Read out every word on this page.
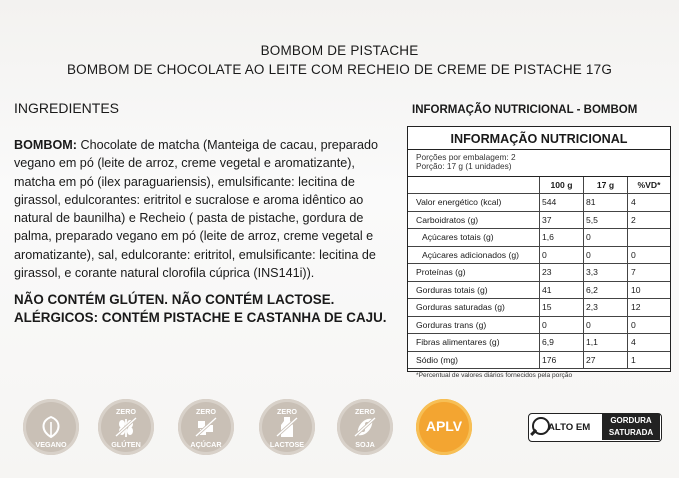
BOMBOM DE PISTACHE
BOMBOM DE CHOCOLATE AO LEITE COM RECHEIO DE CREME DE PISTACHE 17G
INGREDIENTES
BOMBOM: Chocolate de matcha (Manteiga de cacau, preparado vegano em pó (leite de arroz, creme vegetal e aromatizante), matcha em pó (ilex paraguariensis), emulsificante: lecitina de girassol, edulcorantes: eritritol e sucralose e aroma idêntico ao natural de baunilha) e Recheio ( pasta de pistache, gordura de palma, preparado vegano em pó (leite de arroz, creme vegetal e aromatizante), sal, edulcorante: eritritol, emulsificante: lecitina de girassol, e corante natural clorofila cúprica (INS141i)).
NÃO CONTÉM GLÚTEN. NÃO CONTÉM LACTOSE.
ALÉRGICOS: CONTÉM PISTACHE E CASTANHA DE CAJU.
INFORMAÇÃO NUTRICIONAL - BOMBOM
INFORMAÇÃO NUTRICIONAL
Porções por embalagem: 2
Porção: 17 g (1 unidades)
	100 g	17 g	%VD*
Valor energético (kcal)	544	81	4
Carboidratos (g)	37	5,5	2
Açúcares totais (g)	1,6	0	
Açúcares adicionados (g)	0	0	0
Proteínas (g)	23	3,3	7
Gorduras totais (g)	41	6,2	10
Gorduras saturadas (g)	15	2,3	12
Gorduras trans (g)	0	0	0
Fibras alimentares (g)	6,9	1,1	4
Sódio (mg)	176	27	1
*Percentual de valores diários fornecidos pela porção
VEGANO
ZERO
GLÚTEN
ZERO
AÇÚCAR
ZERO
LACTOSE
ZERO
SOJA
APLV	ALTO EM
GORDURA
SATURADA
